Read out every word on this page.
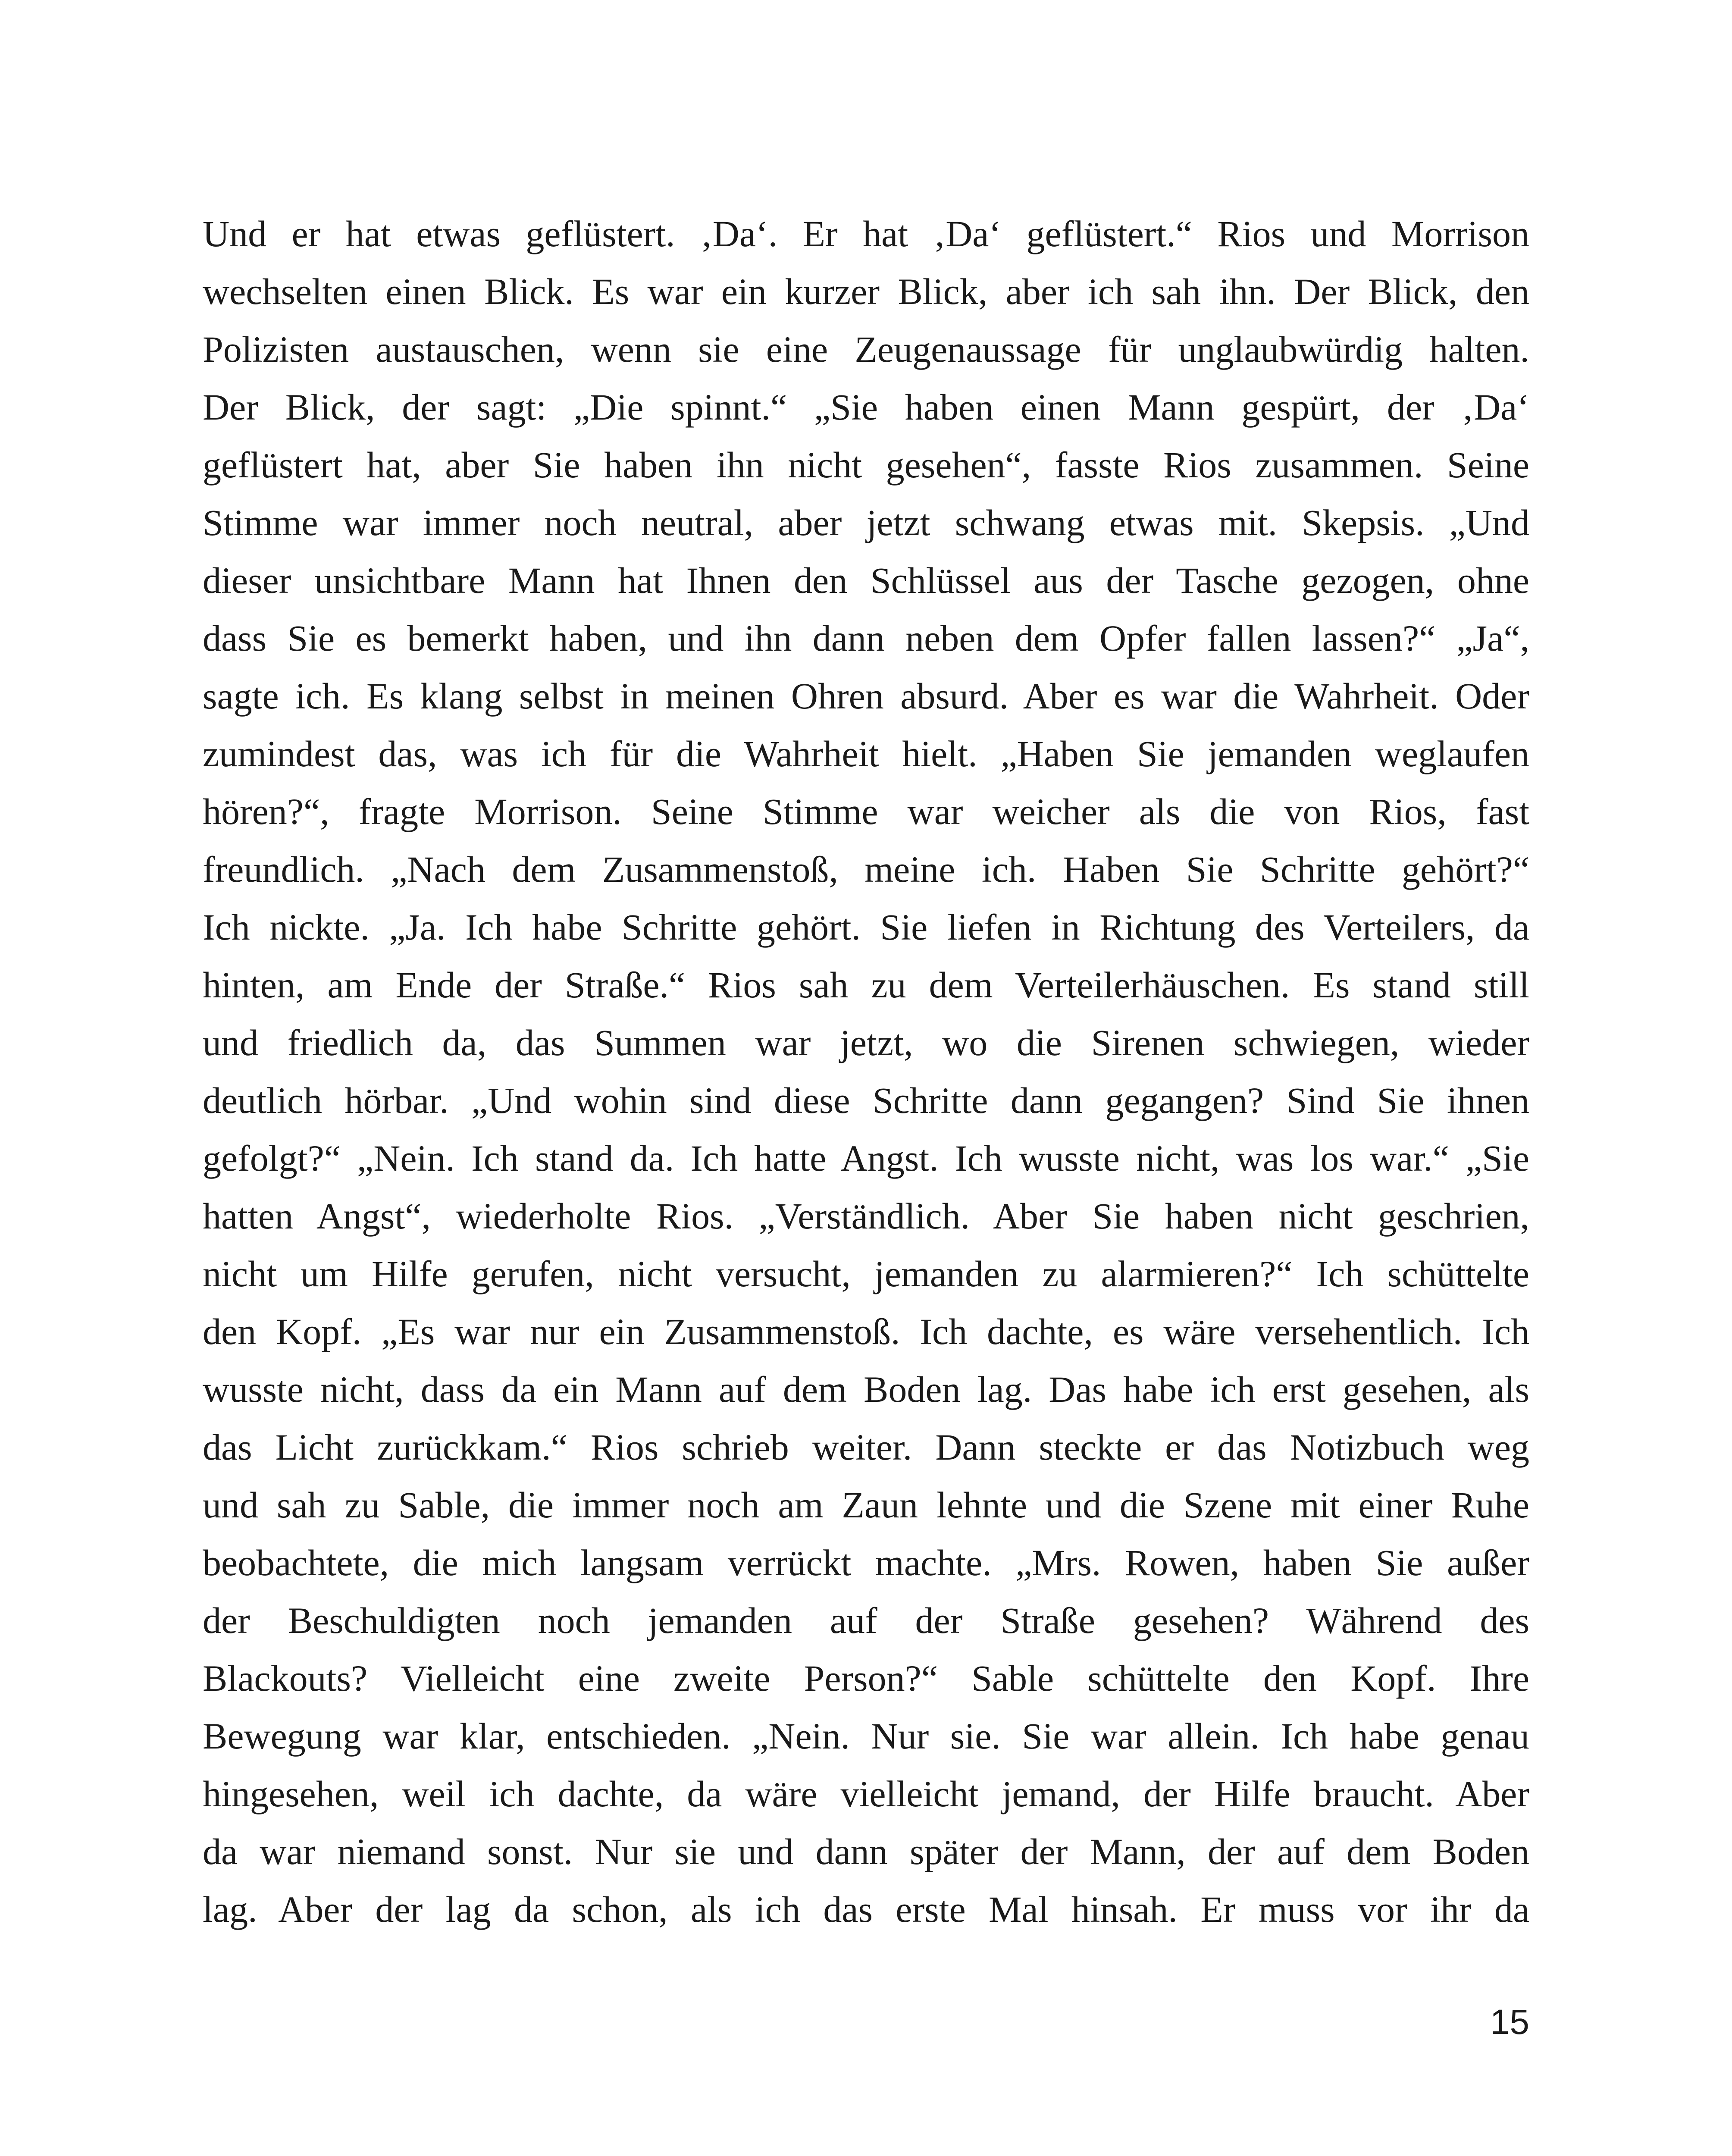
Und er hat etwas geflüstert. ‚Da‘. Er hat ‚Da‘ geflüstert.“ Rios und Morrison
wechselten einen Blick. Es war ein kurzer Blick, aber ich sah ihn. Der Blick, den
Polizisten austauschen, wenn sie eine Zeugenaussage für unglaubwürdig halten.
Der Blick, der sagt: „Die spinnt.“ „Sie haben einen Mann gespürt, der ‚Da‘
geflüstert hat, aber Sie haben ihn nicht gesehen“, fasste Rios zusammen. Seine
Stimme war immer noch neutral, aber jetzt schwang etwas mit. Skepsis. „Und
dieser unsichtbare Mann hat Ihnen den Schlüssel aus der Tasche gezogen, ohne
dass Sie es bemerkt haben, und ihn dann neben dem Opfer fallen lassen?“ „Ja“,
sagte ich. Es klang selbst in meinen Ohren absurd. Aber es war die Wahrheit. Oder
zumindest das, was ich für die Wahrheit hielt. „Haben Sie jemanden weglaufen
hören?“, fragte Morrison. Seine Stimme war weicher als die von Rios, fast
freundlich. „Nach dem Zusammenstoß, meine ich. Haben Sie Schritte gehört?“
Ich nickte. „Ja. Ich habe Schritte gehört. Sie liefen in Richtung des Verteilers, da
hinten, am Ende der Straße.“ Rios sah zu dem Verteilerhäuschen. Es stand still
und friedlich da, das Summen war jetzt, wo die Sirenen schwiegen, wieder
deutlich hörbar. „Und wohin sind diese Schritte dann gegangen? Sind Sie ihnen
gefolgt?“ „Nein. Ich stand da. Ich hatte Angst. Ich wusste nicht, was los war.“ „Sie
hatten Angst“, wiederholte Rios. „Verständlich. Aber Sie haben nicht geschrien,
nicht um Hilfe gerufen, nicht versucht, jemanden zu alarmieren?“ Ich schüttelte
den Kopf. „Es war nur ein Zusammenstoß. Ich dachte, es wäre versehentlich. Ich
wusste nicht, dass da ein Mann auf dem Boden lag. Das habe ich erst gesehen, als
das Licht zurückkam.“ Rios schrieb weiter. Dann steckte er das Notizbuch weg
und sah zu Sable, die immer noch am Zaun lehnte und die Szene mit einer Ruhe
beobachtete, die mich langsam verrückt machte. „Mrs. Rowen, haben Sie außer
der Beschuldigten noch jemanden auf der Straße gesehen? Während des
Blackouts? Vielleicht eine zweite Person?“ Sable schüttelte den Kopf. Ihre
Bewegung war klar, entschieden. „Nein. Nur sie. Sie war allein. Ich habe genau
hingesehen, weil ich dachte, da wäre vielleicht jemand, der Hilfe braucht. Aber
da war niemand sonst. Nur sie und dann später der Mann, der auf dem Boden
lag. Aber der lag da schon, als ich das erste Mal hinsah. Er muss vor ihr da
15
